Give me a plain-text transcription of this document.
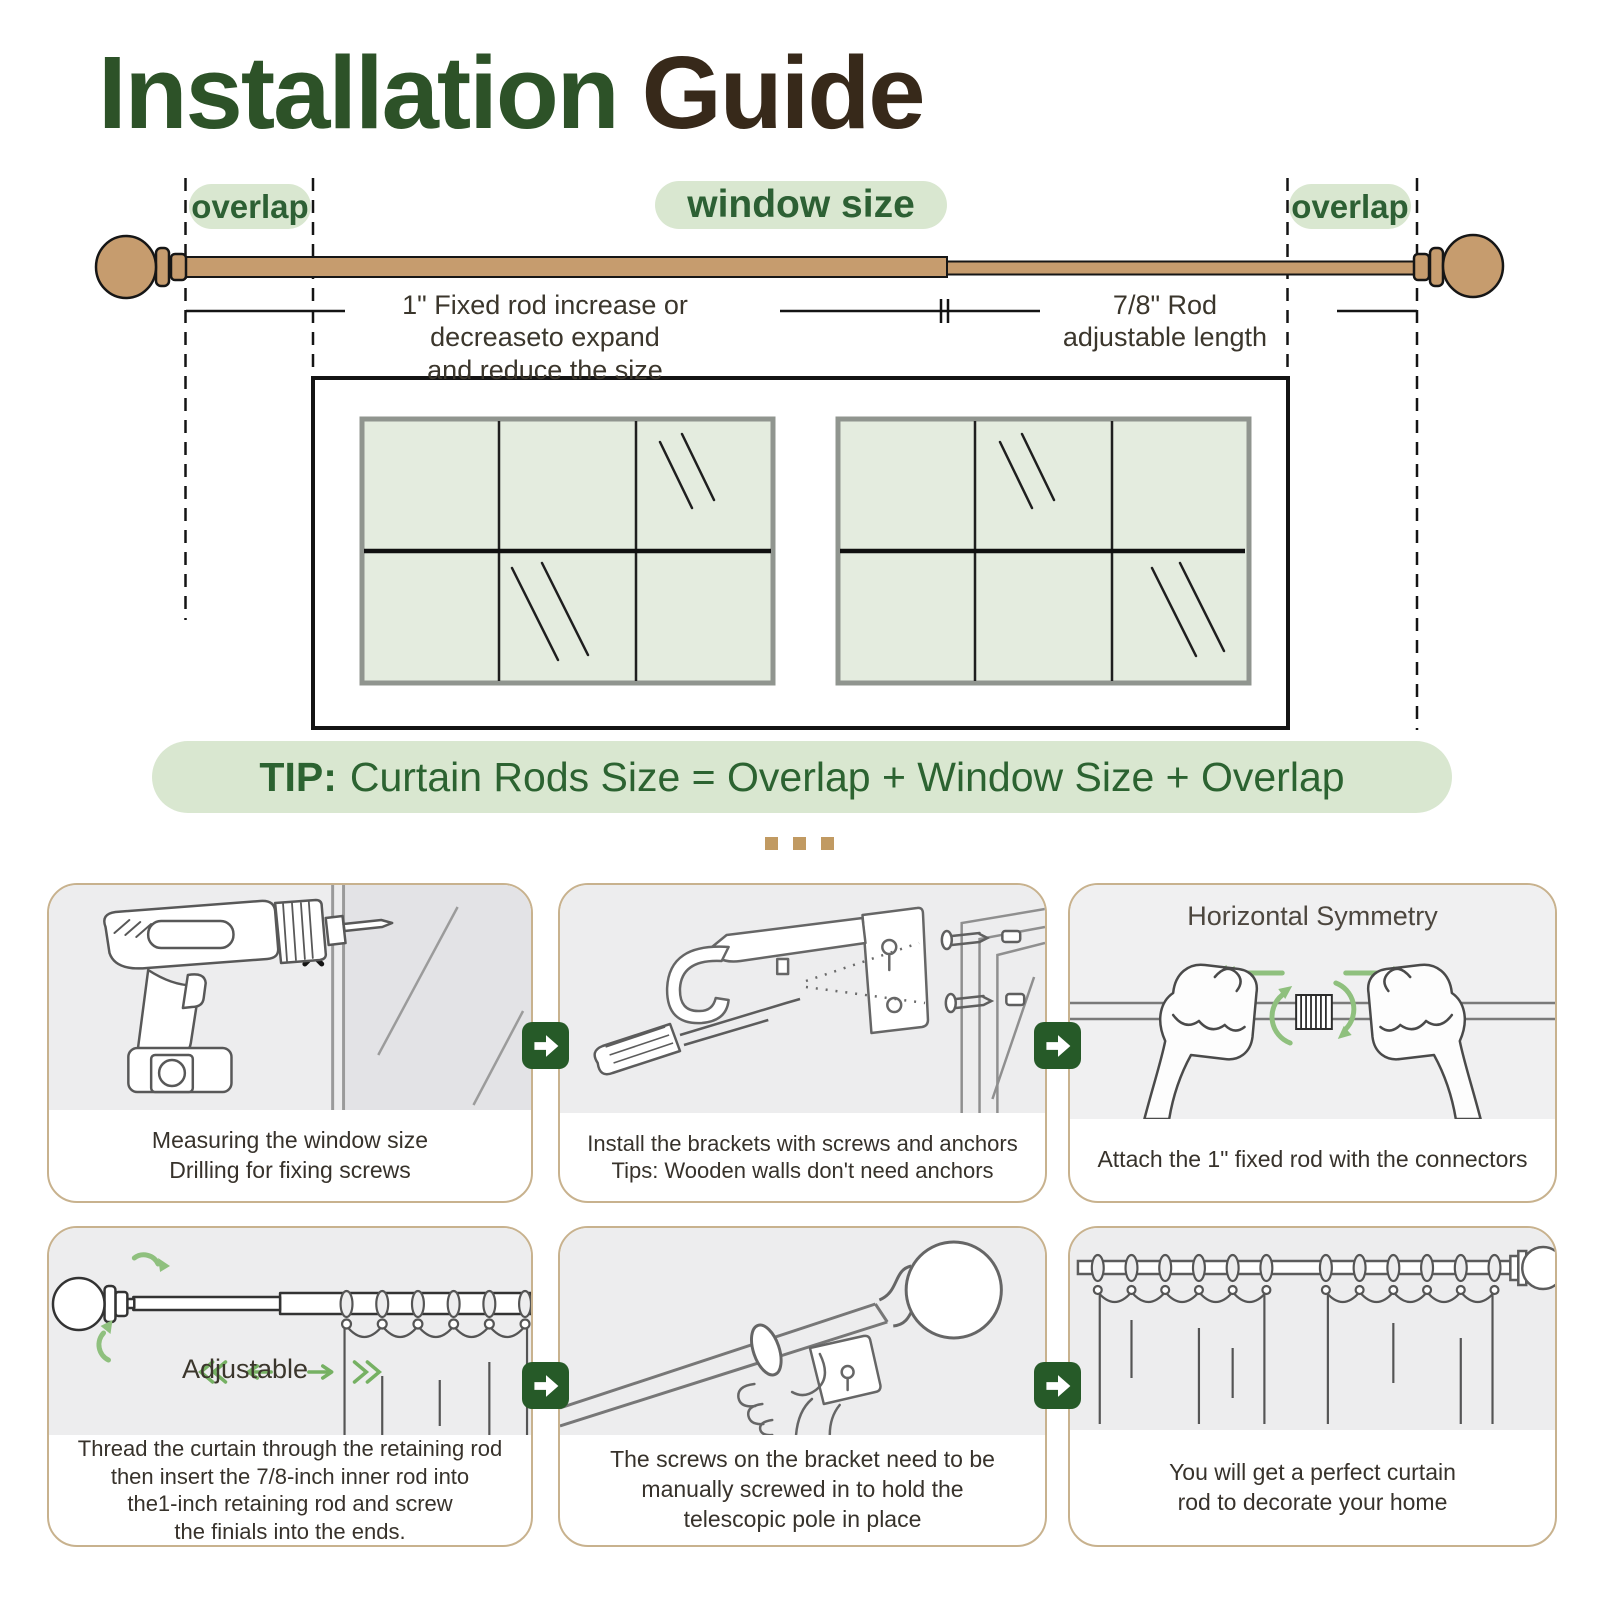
Installation Guide
overlap	window size	overlap
1" Fixed rod increase or
decreaseto expand
and reduce the size
7/8" Rod
adjustable length
TIP: Curtain Rods Size = Overlap + Window Size + Overlap
Measuring the window size
Drilling for fixing screws
Install the brackets with screws and anchors
Tips: Wooden walls don't need anchors
Horizontal Symmetry
Attach the 1" fixed rod with the connectors
Adjustable
Thread the curtain through the retaining rod
then insert the 7/8-inch inner rod into
the1-inch retaining rod and screw
the finials into the ends.
The screws on the bracket need to be
manually screwed in to hold the
telescopic pole in place
You will get a perfect curtain
rod to decorate your home
